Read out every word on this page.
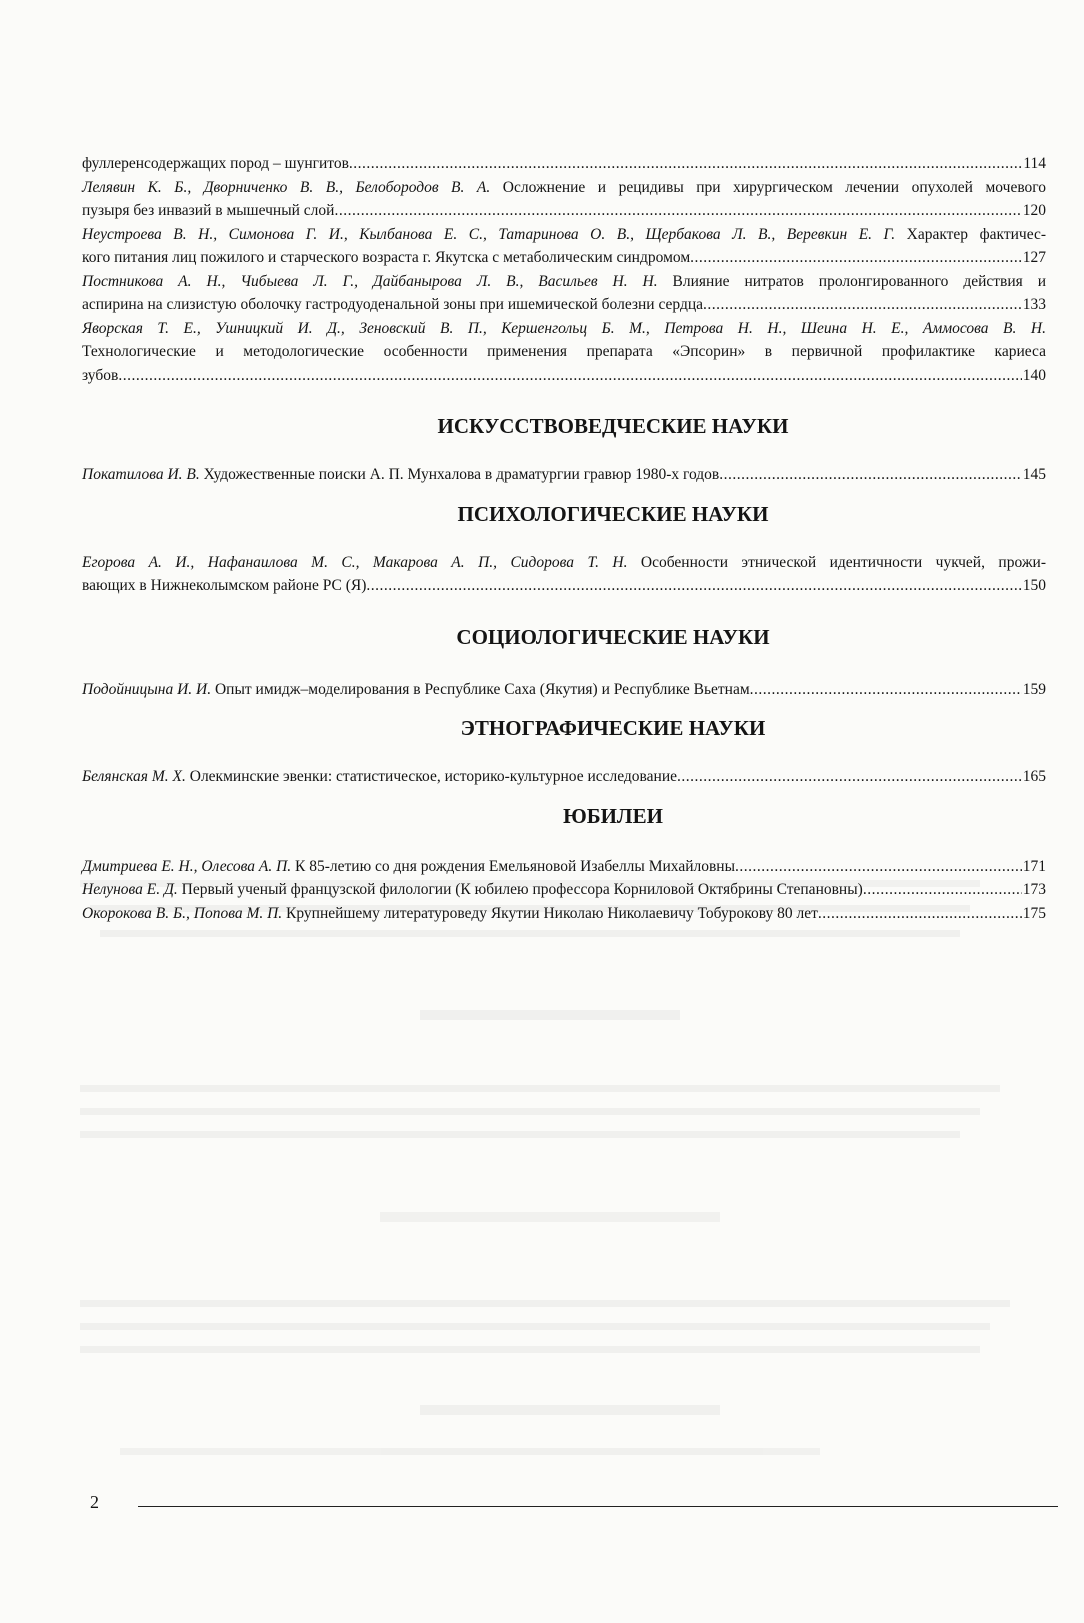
фуллеренсодержащих пород – шунгитов .....	114
Лелявин К. Б., Дворниченко В. В., Белобородов В. А. Осложнение и рецидивы при хирургическом лечении опухолей мочевого
пузыря без инвазий в мышечный слой .....	120
Неустроева В. Н., Симонова Г. И., Кылбанова Е. С., Татаринова О. В., Щербакова Л. В., Веревкин Е. Г. Характер фактичес-
кого питания лиц пожилого и старческого возраста г. Якутска с метаболическим синдромом .....	127
Постникова А. Н., Чибыева Л. Г., Дайбанырова Л. В., Васильев Н. Н. Влияние нитратов пролонгированного действия и
аспирина на слизистую оболочку гастродуоденальной зоны при ишемической болезни сердца .....	133
Яворская Т. Е., Ушницкий И. Д., Зеновский В. П., Кершенгольц Б. М., Петрова Н. Н., Шеина Н. Е., Аммосова В. Н.
Технологические и методологические особенности применения препарата «Эпсорин» в первичной профилактике кариеса
зубов .....	140
ИСКУССТВОВЕДЧЕСКИЕ НАУКИ
Покатилова И. В. Художественные поиски А. П. Мунхалова в драматургии гравюр 1980-х годов .....	145
ПСИХОЛОГИЧЕСКИЕ НАУКИ
Егорова А. И., Нафанаилова М. С., Макарова А. П., Сидорова Т. Н. Особенности этнической идентичности чукчей, прожи-
вающих в Нижнеколымском районе РС (Я) .....	150
СОЦИОЛОГИЧЕСКИЕ НАУКИ
Подойницына И. И. Опыт имидж–моделирования в Республике Саха (Якутия) и Республике Вьетнам .....	159
ЭТНОГРАФИЧЕСКИЕ НАУКИ
Белянская М. Х. Олекминские эвенки: статистическое, историко-культурное исследование .....	165
ЮБИЛЕИ
Дмитриева Е. Н., Олесова А. П. К 85-летию со дня рождения Емельяновой Изабеллы Михайловны .....	171
Нелунова Е. Д. Первый ученый французской филологии (К юбилею профессора Корниловой Октябрины Степановны) .....	173
Окорокова В. Б., Попова М. П. Крупнейшему литературоведу Якутии Николаю Николаевичу Тобурокову 80 лет .....	175
2
